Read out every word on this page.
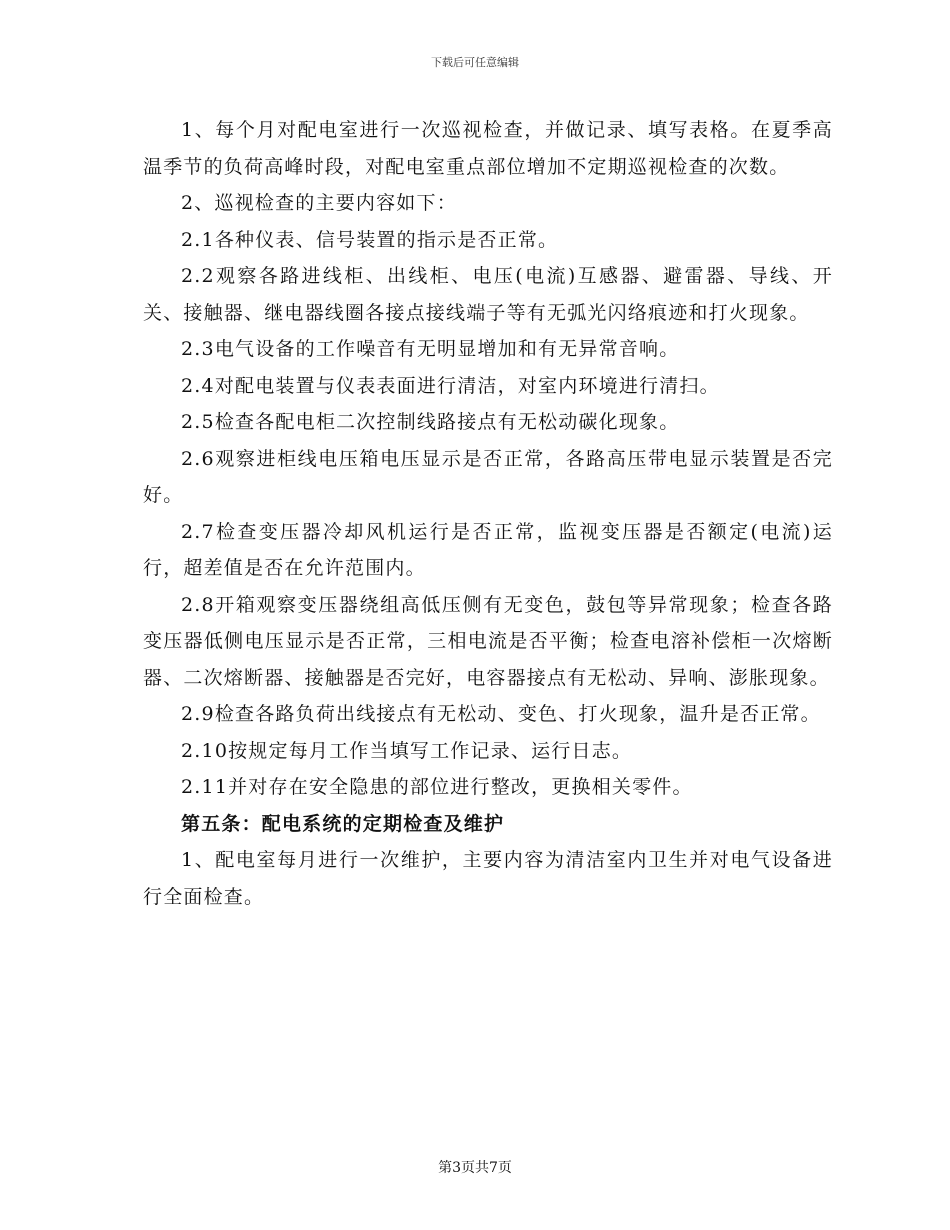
下载后可任意编辑

1、每个月对配电室进行一次巡视检查，并做记录、填写表格。在夏季高温季节的负荷高峰时段，对配电室重点部位增加不定期巡视检查的次数。

2、巡视检查的主要内容如下：

2.1各种仪表、信号装置的指示是否正常。

2.2观察各路进线柜、出线柜、电压(电流)互感器、避雷器、导线、开关、接触器、继电器线圈各接点接线端子等有无弧光闪络痕迹和打火现象。

2.3电气设备的工作噪音有无明显增加和有无异常音响。

2.4对配电装置与仪表表面进行清洁，对室内环境进行清扫。

2.5检查各配电柜二次控制线路接点有无松动碳化现象。

2.6观察进柜线电压箱电压显示是否正常，各路高压带电显示装置是否完好。

2.7检查变压器冷却风机运行是否正常，监视变压器是否额定(电流)运行，超差值是否在允许范围内。

2.8开箱观察变压器绕组高低压侧有无变色，鼓包等异常现象；检查各路变压器低侧电压显示是否正常，三相电流是否平衡；检查电溶补偿柜一次熔断器、二次熔断器、接触器是否完好，电容器接点有无松动、异响、澎胀现象。

2.9检查各路负荷出线接点有无松动、变色、打火现象，温升是否正常。

2.10按规定每月工作当填写工作记录、运行日志。

2.11并对存在安全隐患的部位进行整改，更换相关零件。

第五条：配电系统的定期检查及维护

1、配电室每月进行一次维护，主要内容为清洁室内卫生并对电气设备进行全面检查。

第3页共7页
